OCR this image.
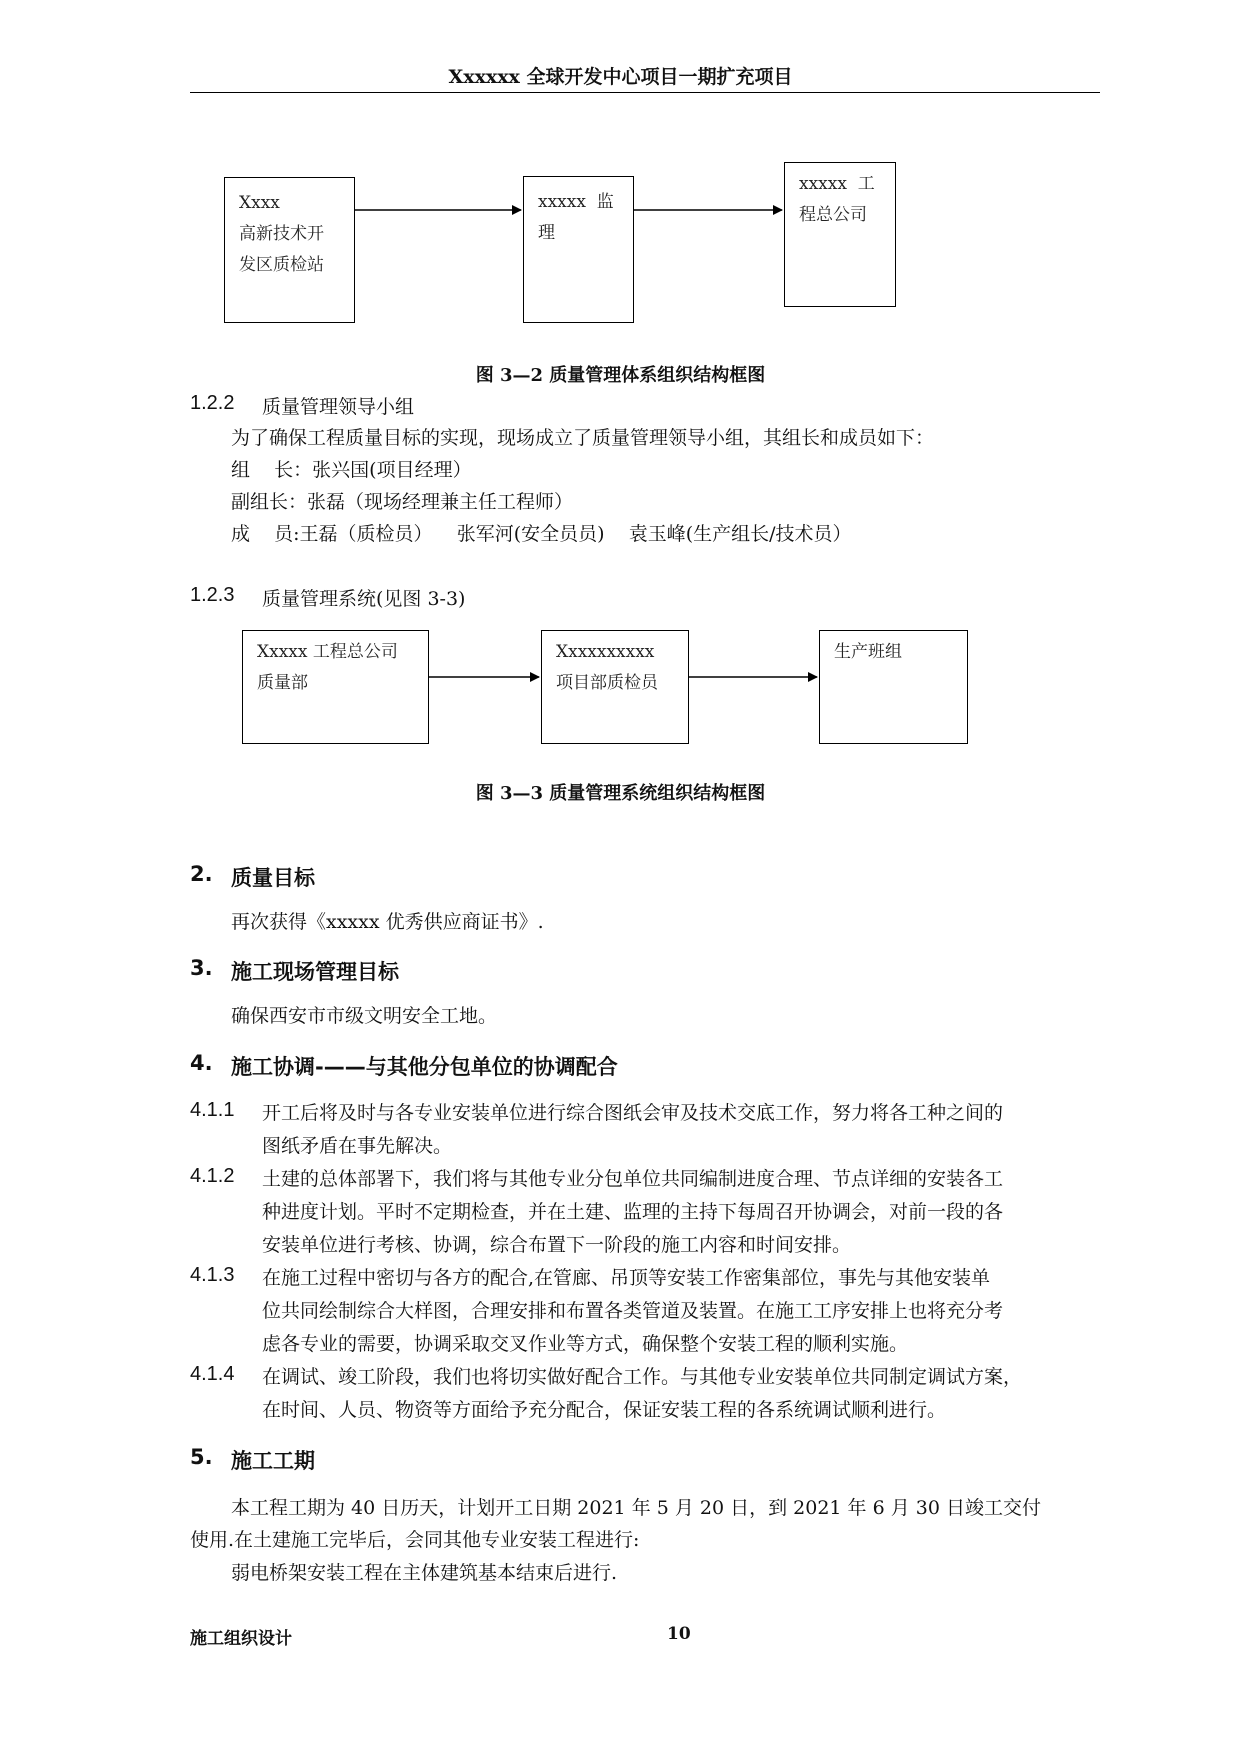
Xxxxxx 全球开发中心项目一期扩充项目
Xxxx
高新技术开
发区质检站
xxxxx  监
理
xxxxx  工
程总公司
图 3—2 质量管理体系组织结构框图
1.2.2 质量管理领导小组
为了确保工程质量目标的实现，现场成立了质量管理领导小组，其组长和成员如下：
组    长：张兴国(项目经理）
副组长：张磊（现场经理兼主任工程师）
成    员:王磊（质检员）    张军河(安全员员)    袁玉峰(生产组长/技术员）
1.2.3 质量管理系统(见图 3-3)
Xxxxx 工程总公司
质量部
Xxxxxxxxxx
项目部质检员
生产班组
图 3—3 质量管理系统组织结构框图
2. 质量目标
再次获得《xxxxx 优秀供应商证书》.
3. 施工现场管理目标
确保西安市市级文明安全工地。
4. 施工协调-——与其他分包单位的协调配合
4.1.1 开工后将及时与各专业安装单位进行综合图纸会审及技术交底工作，努力将各工种之间的
图纸矛盾在事先解决。
4.1.2 土建的总体部署下，我们将与其他专业分包单位共同编制进度合理、节点详细的安装各工
种进度计划。平时不定期检查，并在土建、监理的主持下每周召开协调会，对前一段的各
安装单位进行考核、协调，综合布置下一阶段的施工内容和时间安排。
4.1.3 在施工过程中密切与各方的配合,在管廊、吊顶等安装工作密集部位，事先与其他安装单
位共同绘制综合大样图，合理安排和布置各类管道及装置。在施工工序安排上也将充分考
虑各专业的需要，协调采取交叉作业等方式，确保整个安装工程的顺利实施。
4.1.4 在调试、竣工阶段，我们也将切实做好配合工作。与其他专业安装单位共同制定调试方案，
在时间、人员、物资等方面给予充分配合，保证安装工程的各系统调试顺利进行。
5. 施工工期
本工程工期为 40 日历天，计划开工日期 2021 年 5 月 20 日，到 2021 年 6 月 30 日竣工交付
使用.在土建施工完毕后，会同其他专业安装工程进行:
弱电桥架安装工程在主体建筑基本结束后进行.
施工组织设计	10
